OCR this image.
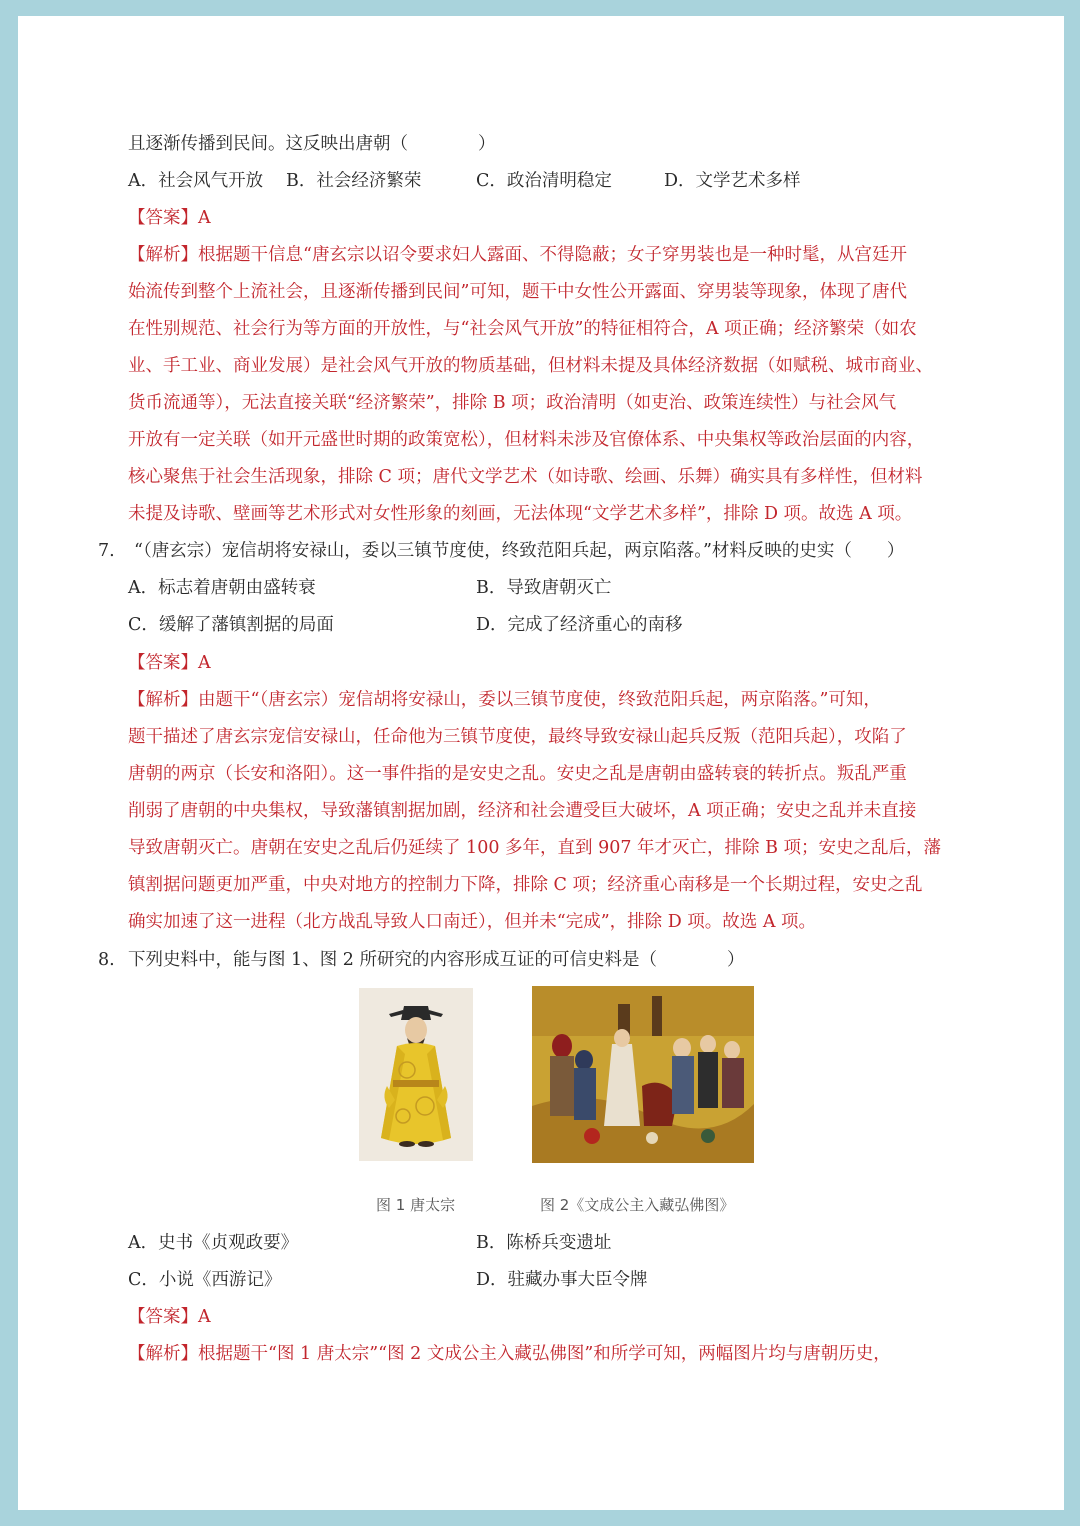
且逐渐传播到民间。这反映出唐朝（　　　　）
A．社会风气开放 B．社会经济繁荣	C．政治清明稳定	D．文学艺术多样
【答案】A
【解析】根据题干信息“唐玄宗以诏令要求妇人露面、不得隐蔽；女子穿男装也是一种时髦，从宫廷开
始流传到整个上流社会，且逐渐传播到民间”可知，题干中女性公开露面、穿男装等现象，体现了唐代
在性别规范、社会行为等方面的开放性，与“社会风气开放”的特征相符合，A 项正确；经济繁荣（如农
业、手工业、商业发展）是社会风气开放的物质基础，但材料未提及具体经济数据（如赋税、城市商业、
货币流通等），无法直接关联“经济繁荣”，排除 B 项；政治清明（如吏治、政策连续性）与社会风气
开放有一定关联（如开元盛世时期的政策宽松），但材料未涉及官僚体系、中央集权等政治层面的内容，
核心聚焦于社会生活现象，排除 C 项；唐代文学艺术（如诗歌、绘画、乐舞）确实具有多样性，但材料
未提及诗歌、壁画等艺术形式对女性形象的刻画，无法体现“文学艺术多样”，排除 D 项。故选 A 项。
7. “（唐玄宗）宠信胡将安禄山，委以三镇节度使，终致范阳兵起，两京陷落。”材料反映的史实（　　）
A．标志着唐朝由盛转衰	B．导致唐朝灭亡
C．缓解了藩镇割据的局面	D．完成了经济重心的南移
【答案】A
【解析】由题干“（唐玄宗）宠信胡将安禄山，委以三镇节度使，终致范阳兵起，两京陷落。”可知，
题干描述了唐玄宗宠信安禄山，任命他为三镇节度使，最终导致安禄山起兵反叛（范阳兵起），攻陷了
唐朝的两京（长安和洛阳）。这一事件指的是安史之乱。安史之乱是唐朝由盛转衰的转折点。叛乱严重
削弱了唐朝的中央集权，导致藩镇割据加剧，经济和社会遭受巨大破坏，A 项正确；安史之乱并未直接
导致唐朝灭亡。唐朝在安史之乱后仍延续了 100 多年，直到 907 年才灭亡，排除 B 项；安史之乱后，藩
镇割据问题更加严重，中央对地方的控制力下降，排除 C 项；经济重心南移是一个长期过程，安史之乱
确实加速了这一进程（北方战乱导致人口南迁），但并未“完成”，排除 D 项。故选 A 项。
8. 下列史料中，能与图 1、图 2 所研究的内容形成互证的可信史料是（　　　　）
图 1 唐太宗	图 2《文成公主入藏弘佛图》
A．史书《贞观政要》	B．陈桥兵变遗址
C．小说《西游记》	D．驻藏办事大臣令牌
【答案】A
【解析】根据题干“图 1 唐太宗”“图 2 文成公主入藏弘佛图”和所学可知，两幅图片均与唐朝历史，
